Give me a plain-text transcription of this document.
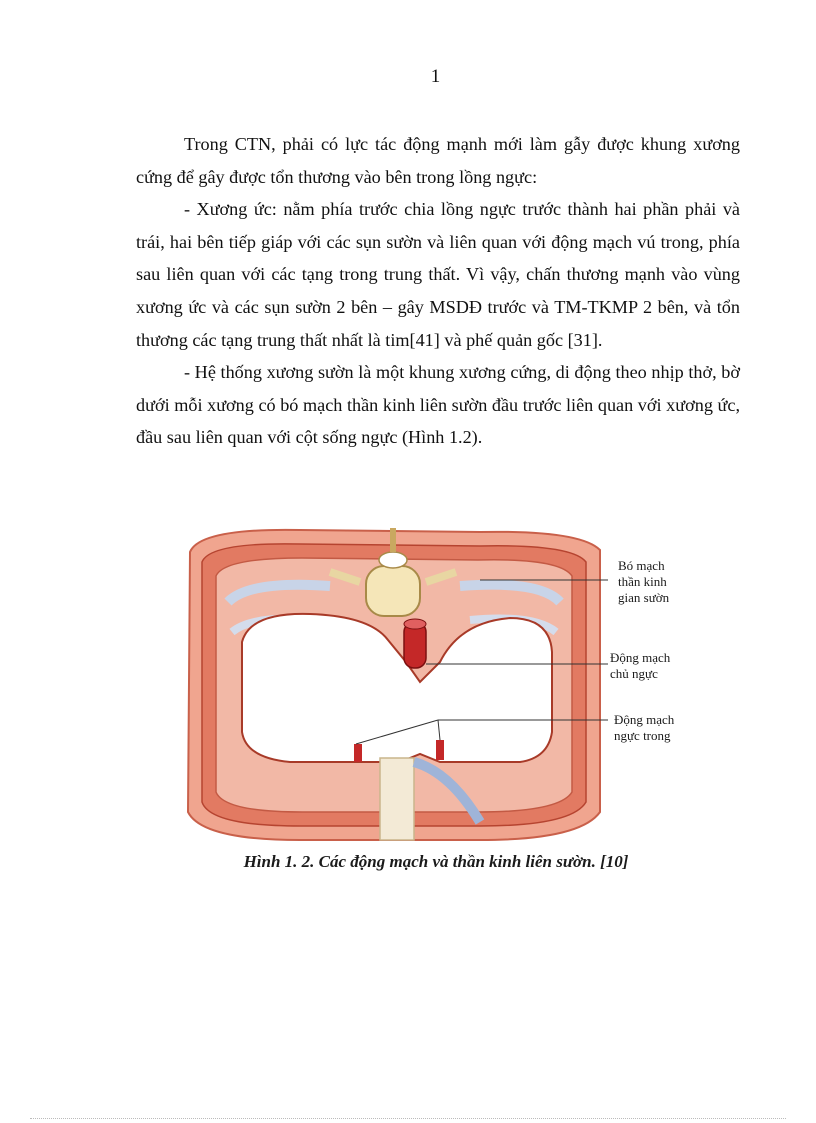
1

Trong CTN, phải có lực tác động mạnh mới làm gẫy được khung xương cứng để gây được tổn thương vào bên trong lồng ngực:

- Xương ức: nằm phía trước chia lồng ngực trước thành hai phần phải và trái, hai bên tiếp giáp với các sụn sườn và liên quan với động mạch vú trong, phía sau liên quan với các tạng trong trung thất. Vì vậy, chấn thương mạnh vào vùng xương ức và các sụn sườn 2 bên – gây MSDĐ trước và TM-TKMP 2 bên, và tổn thương các tạng trung thất nhất là tim[41] và phế quản gốc [31].

- Hệ thống xương sườn là một khung xương cứng, di động theo nhịp thở, bờ dưới mỗi xương có bó mạch thần kinh liên sườn đầu trước liên quan với xương ức, đầu sau liên quan với cột sống ngực (Hình 1.2).

Bó mạch
thần kinh
gian sườn
Động mạch
chủ ngực
Động mạch
ngực trong
Hình 1. 2. Các động mạch và thần kinh liên sườn. [10]
